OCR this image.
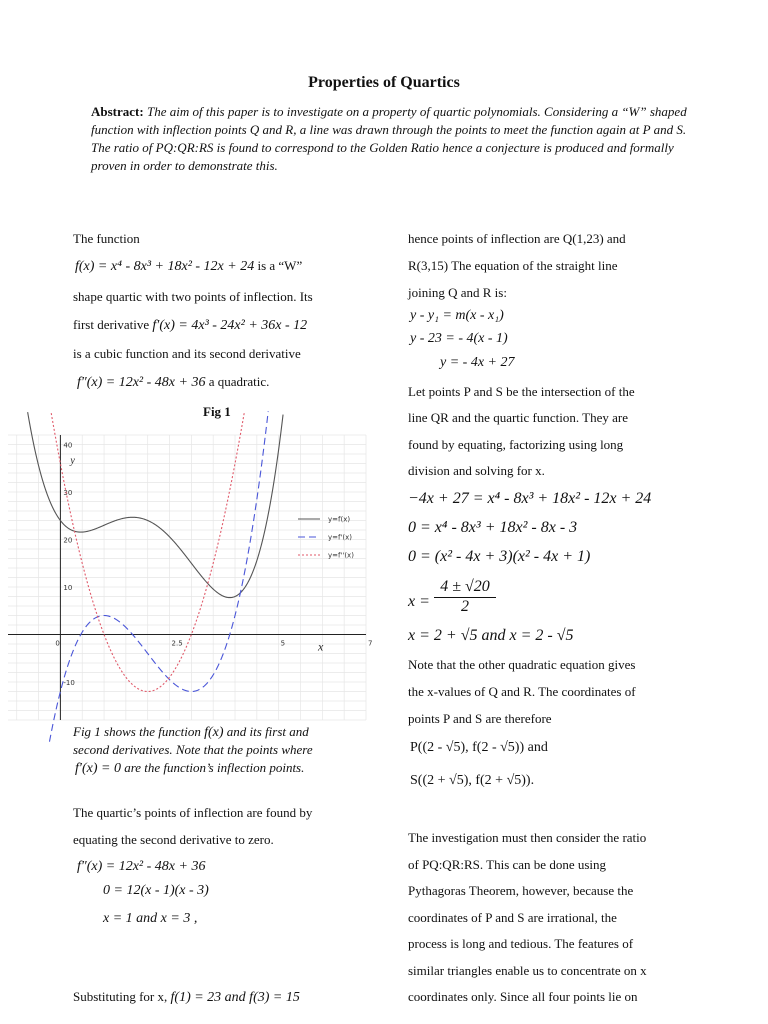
Properties of Quartics
Abstract: The aim of this paper is to investigate on a property of quartic polynomials. Considering a “W” shaped function with inflection points Q and R, a line was drawn through the points to meet the function again at P and S. The ratio of PQ:QR:RS is found to correspond to the Golden Ratio hence a conjecture is produced and formally proven in order to demonstrate this.
The function
f(x) = x⁴ - 8x³ + 18x² - 12x + 24 is a “W”
shape quartic with two points of inflection. Its
first derivative f′(x) = 4x³ - 24x² + 36x - 12
is a cubic function and its second derivative
f″(x) = 12x² - 48x + 36 a quadratic.
Fig 1
0	2.5	5	7
40
30
20
10
-10
x
y
y=f(x)
y=f'(x)
y=f''(x)
Fig 1 shows the function f(x) and its first and
second derivatives. Note that the points where
f′(x) = 0 are the function’s inflection points.
The quartic’s points of inflection are found by
equating the second derivative to zero.
f″(x) = 12x² - 48x + 36
0 = 12(x - 1)(x - 3)
x = 1 and x = 3 ,
Substituting for x, f(1) = 23 and f(3) = 15
hence points of inflection are Q(1,23) and
R(3,15) The equation of the straight line
joining Q and R is:
y - y₁ = m(x - x₁)
y - 23 = - 4(x - 1)
y = - 4x + 27
Let points P and S be the intersection of the
line QR and the quartic function. They are
found by equating, factorizing using long
division and solving for x.
−4x + 27 = x⁴ - 8x³ + 18x² - 12x + 24
0 = x⁴ - 8x³ + 18x² - 8x - 3
0 = (x² - 4x + 3)(x² - 4x + 1)
$x = \frac{4 \pm √20}{2}$
x = 2 + √5 and x = 2 - √5
Note that the other quadratic equation gives
the x-values of Q and R. The coordinates of
points P and S are therefore
P((2 - √5), f(2 - √5)) and
S((2 + √5), f(2 + √5)).
The investigation must then consider the ratio
of PQ:QR:RS. This can be done using
Pythagoras Theorem, however, because the
coordinates of P and S are irrational, the
process is long and tedious. The features of
similar triangles enable us to concentrate on x
coordinates only. Since all four points lie on
